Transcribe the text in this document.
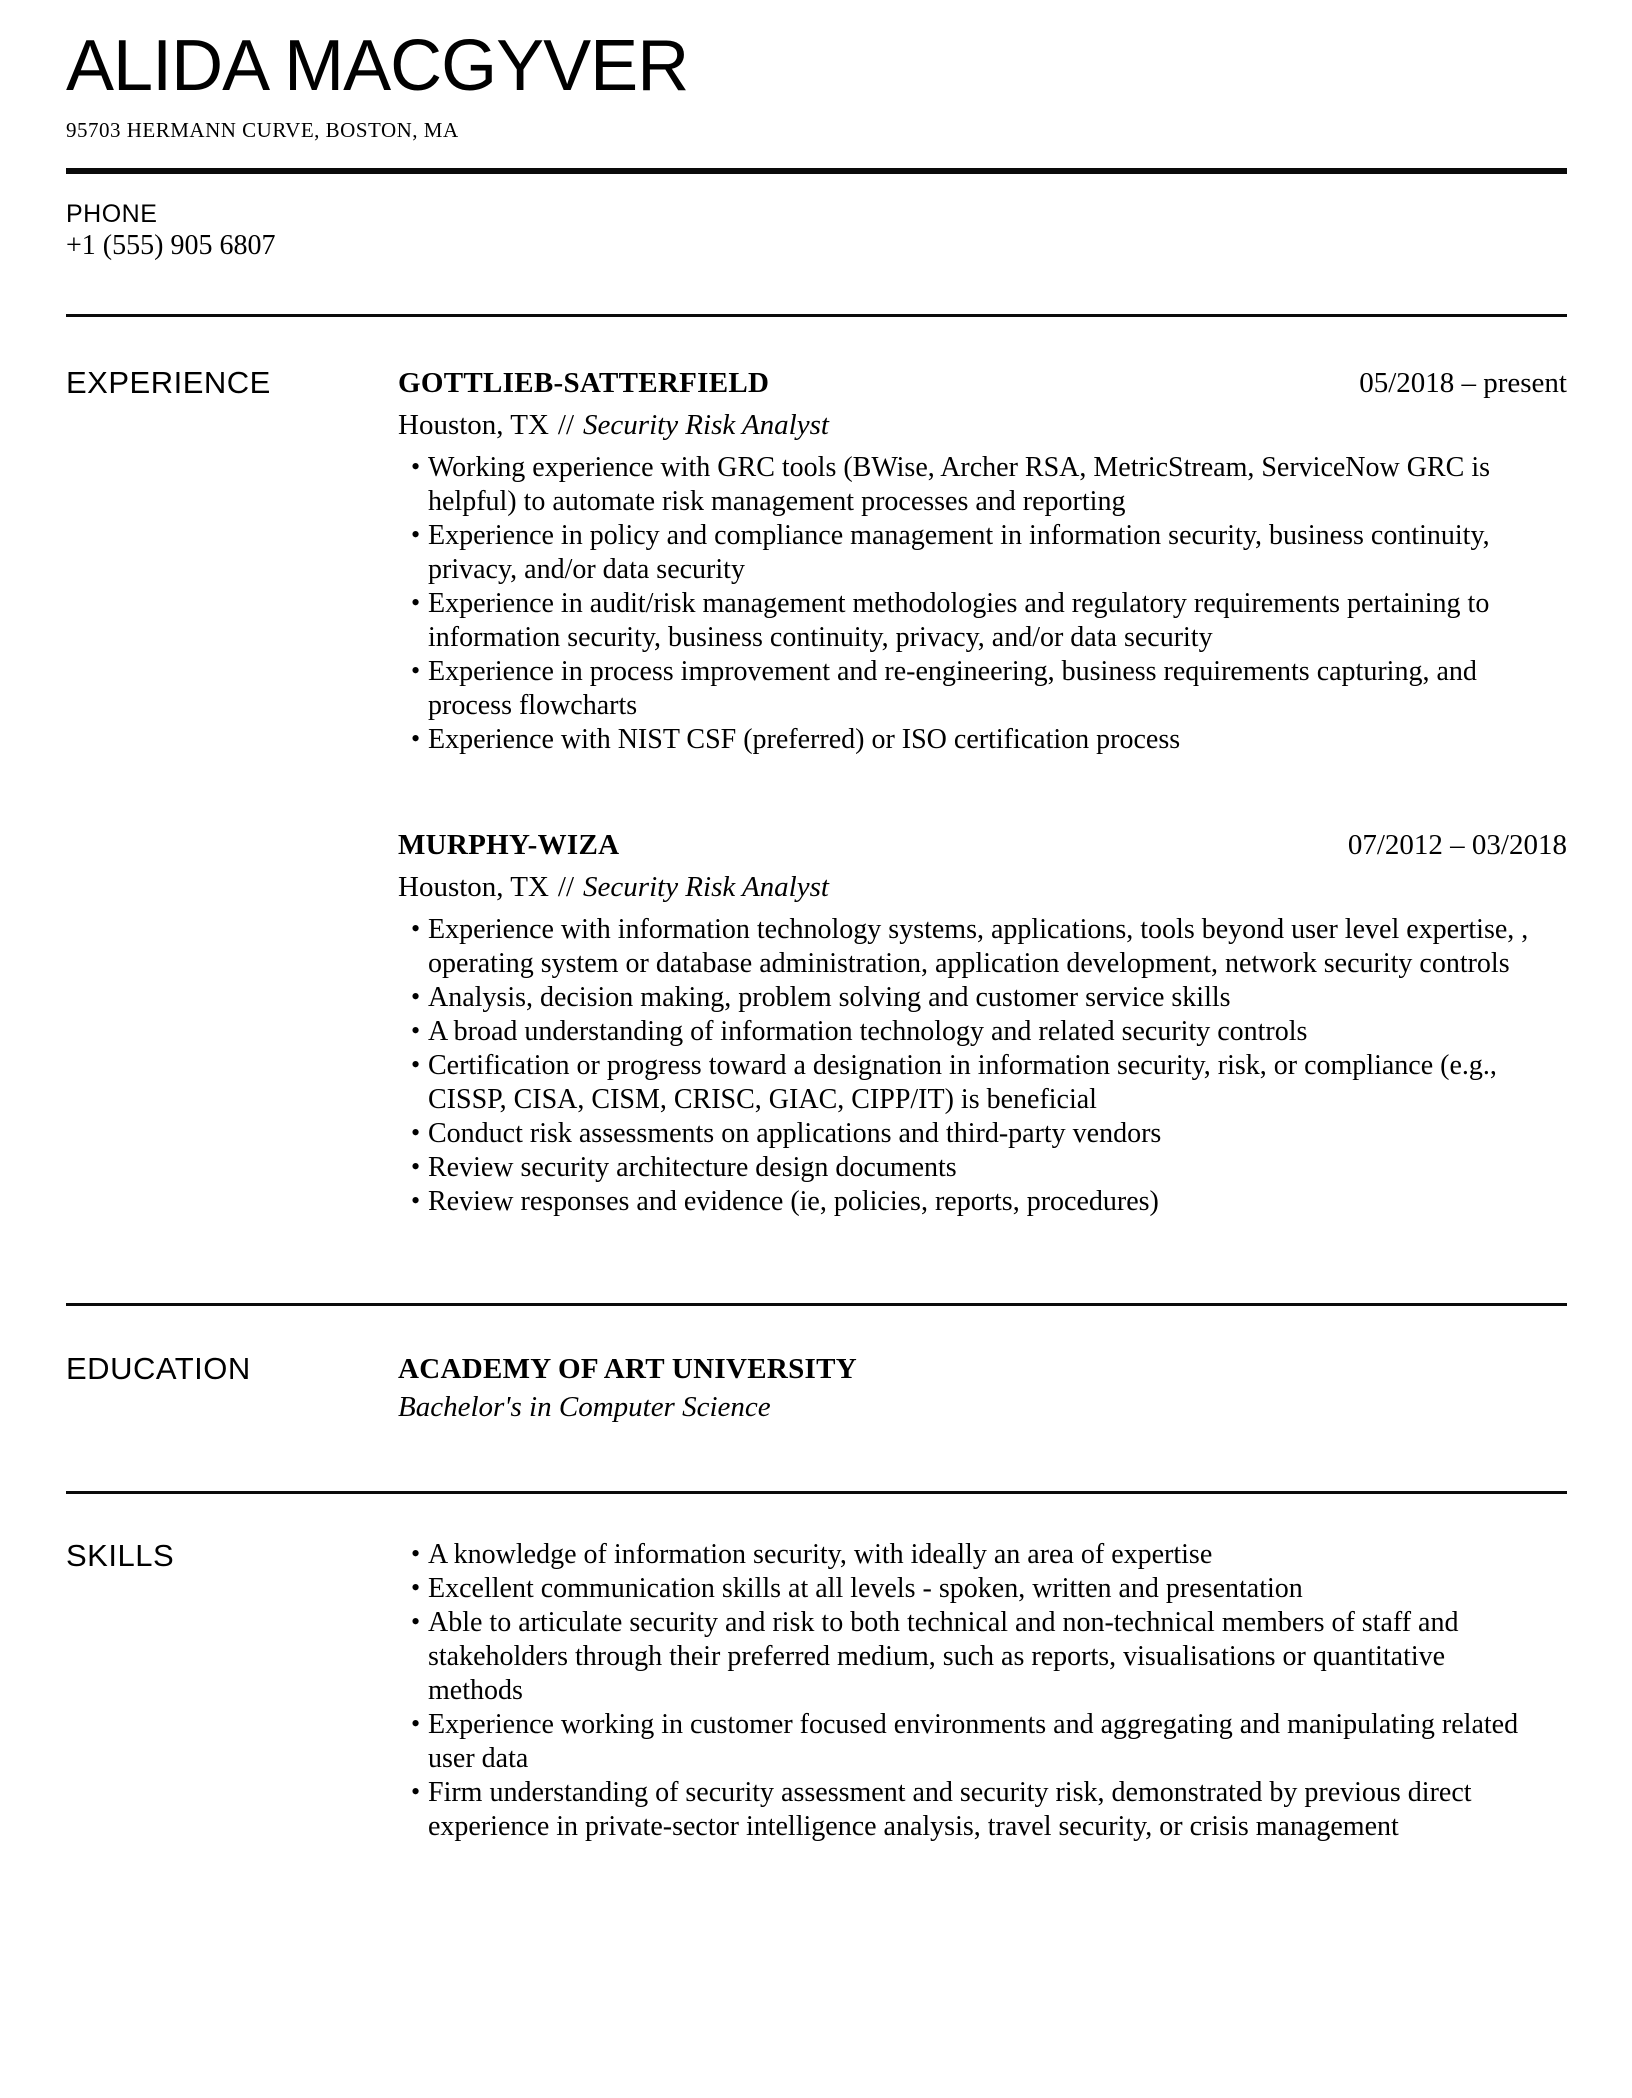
ALIDA MACGYVER
95703 HERMANN CURVE, BOSTON, MA
PHONE
+1 (555) 905 6807
EXPERIENCE	GOTTLIEB-SATTERFIELD	05/2018 – present
Houston, TX // Security Risk Analyst
• Working experience with GRC tools (BWise, Archer RSA, MetricStream, ServiceNow GRC is helpful) to automate risk management processes and reporting
• Experience in policy and compliance management in information security, business continuity, privacy, and/or data security
• Experience in audit/risk management methodologies and regulatory requirements pertaining to information security, business continuity, privacy, and/or data security
• Experience in process improvement and re-engineering, business requirements capturing, and process flowcharts
• Experience with NIST CSF (preferred) or ISO certification process
MURPHY-WIZA	07/2012 – 03/2018
Houston, TX // Security Risk Analyst
• Experience with information technology systems, applications, tools beyond user level expertise, , operating system or database administration, application development, network security controls
• Analysis, decision making, problem solving and customer service skills
• A broad understanding of information technology and related security controls
• Certification or progress toward a designation in information security, risk, or compliance (e.g., CISSP, CISA, CISM, CRISC, GIAC, CIPP/IT) is beneficial
• Conduct risk assessments on applications and third-party vendors
• Review security architecture design documents
• Review responses and evidence (ie, policies, reports, procedures)
EDUCATION	ACADEMY OF ART UNIVERSITY
Bachelor's in Computer Science
SKILLS	• A knowledge of information security, with ideally an area of expertise
• Excellent communication skills at all levels - spoken, written and presentation
• Able to articulate security and risk to both technical and non-technical members of staff and stakeholders through their preferred medium, such as reports, visualisations or quantitative methods
• Experience working in customer focused environments and aggregating and manipulating related user data
• Firm understanding of security assessment and security risk, demonstrated by previous direct experience in private-sector intelligence analysis, travel security, or crisis management
